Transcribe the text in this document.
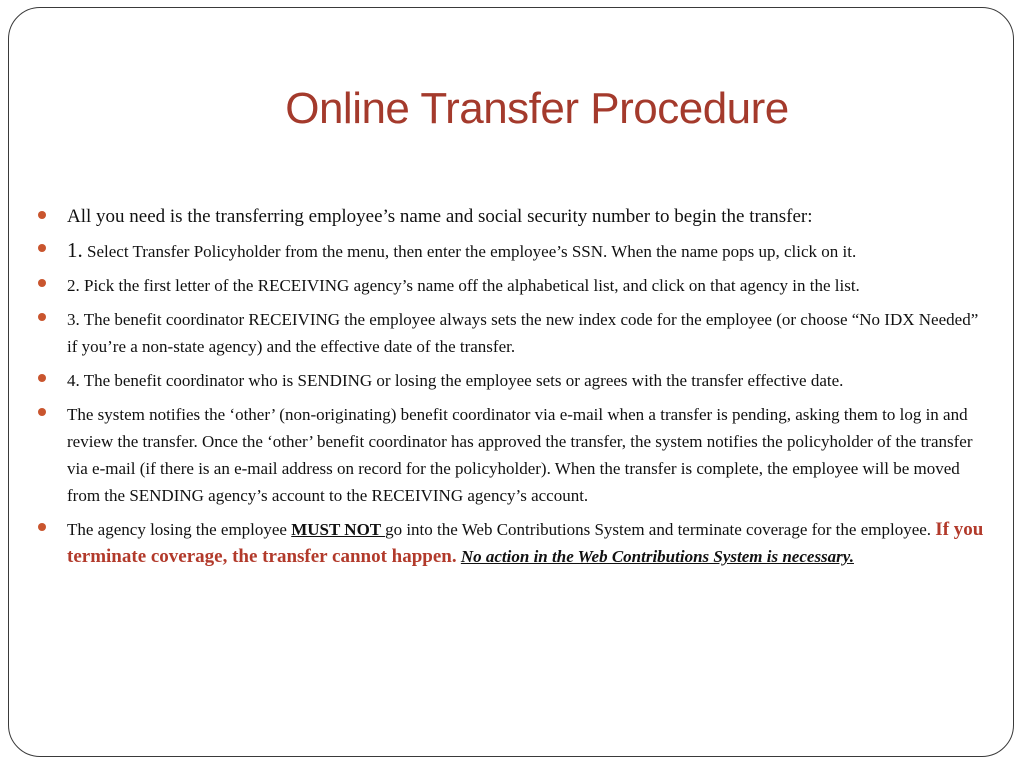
Online Transfer Procedure
All you need is the transferring employee’s name and social security number to begin the transfer:
1. Select Transfer Policyholder from the menu, then enter the employee’s SSN. When the name pops up, click on it.
2. Pick the first letter of the RECEIVING agency’s name off the alphabetical list, and click on that agency in the list.
3. The benefit coordinator RECEIVING the employee always sets the new index code for the employee (or choose “No IDX Needed” if you’re a non-state agency) and the effective date of the transfer.
4. The benefit coordinator who is SENDING or losing the employee sets or agrees with the transfer effective date.
The system notifies the ‘other’ (non-originating) benefit coordinator via e-mail when a transfer is pending, asking them to log in and review the transfer. Once the ‘other’ benefit coordinator has approved the transfer, the system notifies the policyholder of the transfer via e-mail (if there is an e-mail address on record for the policyholder). When the transfer is complete, the employee will be moved from the SENDING agency’s account to the RECEIVING agency’s account.
The agency losing the employee MUST NOT go into the Web Contributions System and terminate coverage for the employee. If you terminate coverage, the transfer cannot happen. No action in the Web Contributions System is necessary.
